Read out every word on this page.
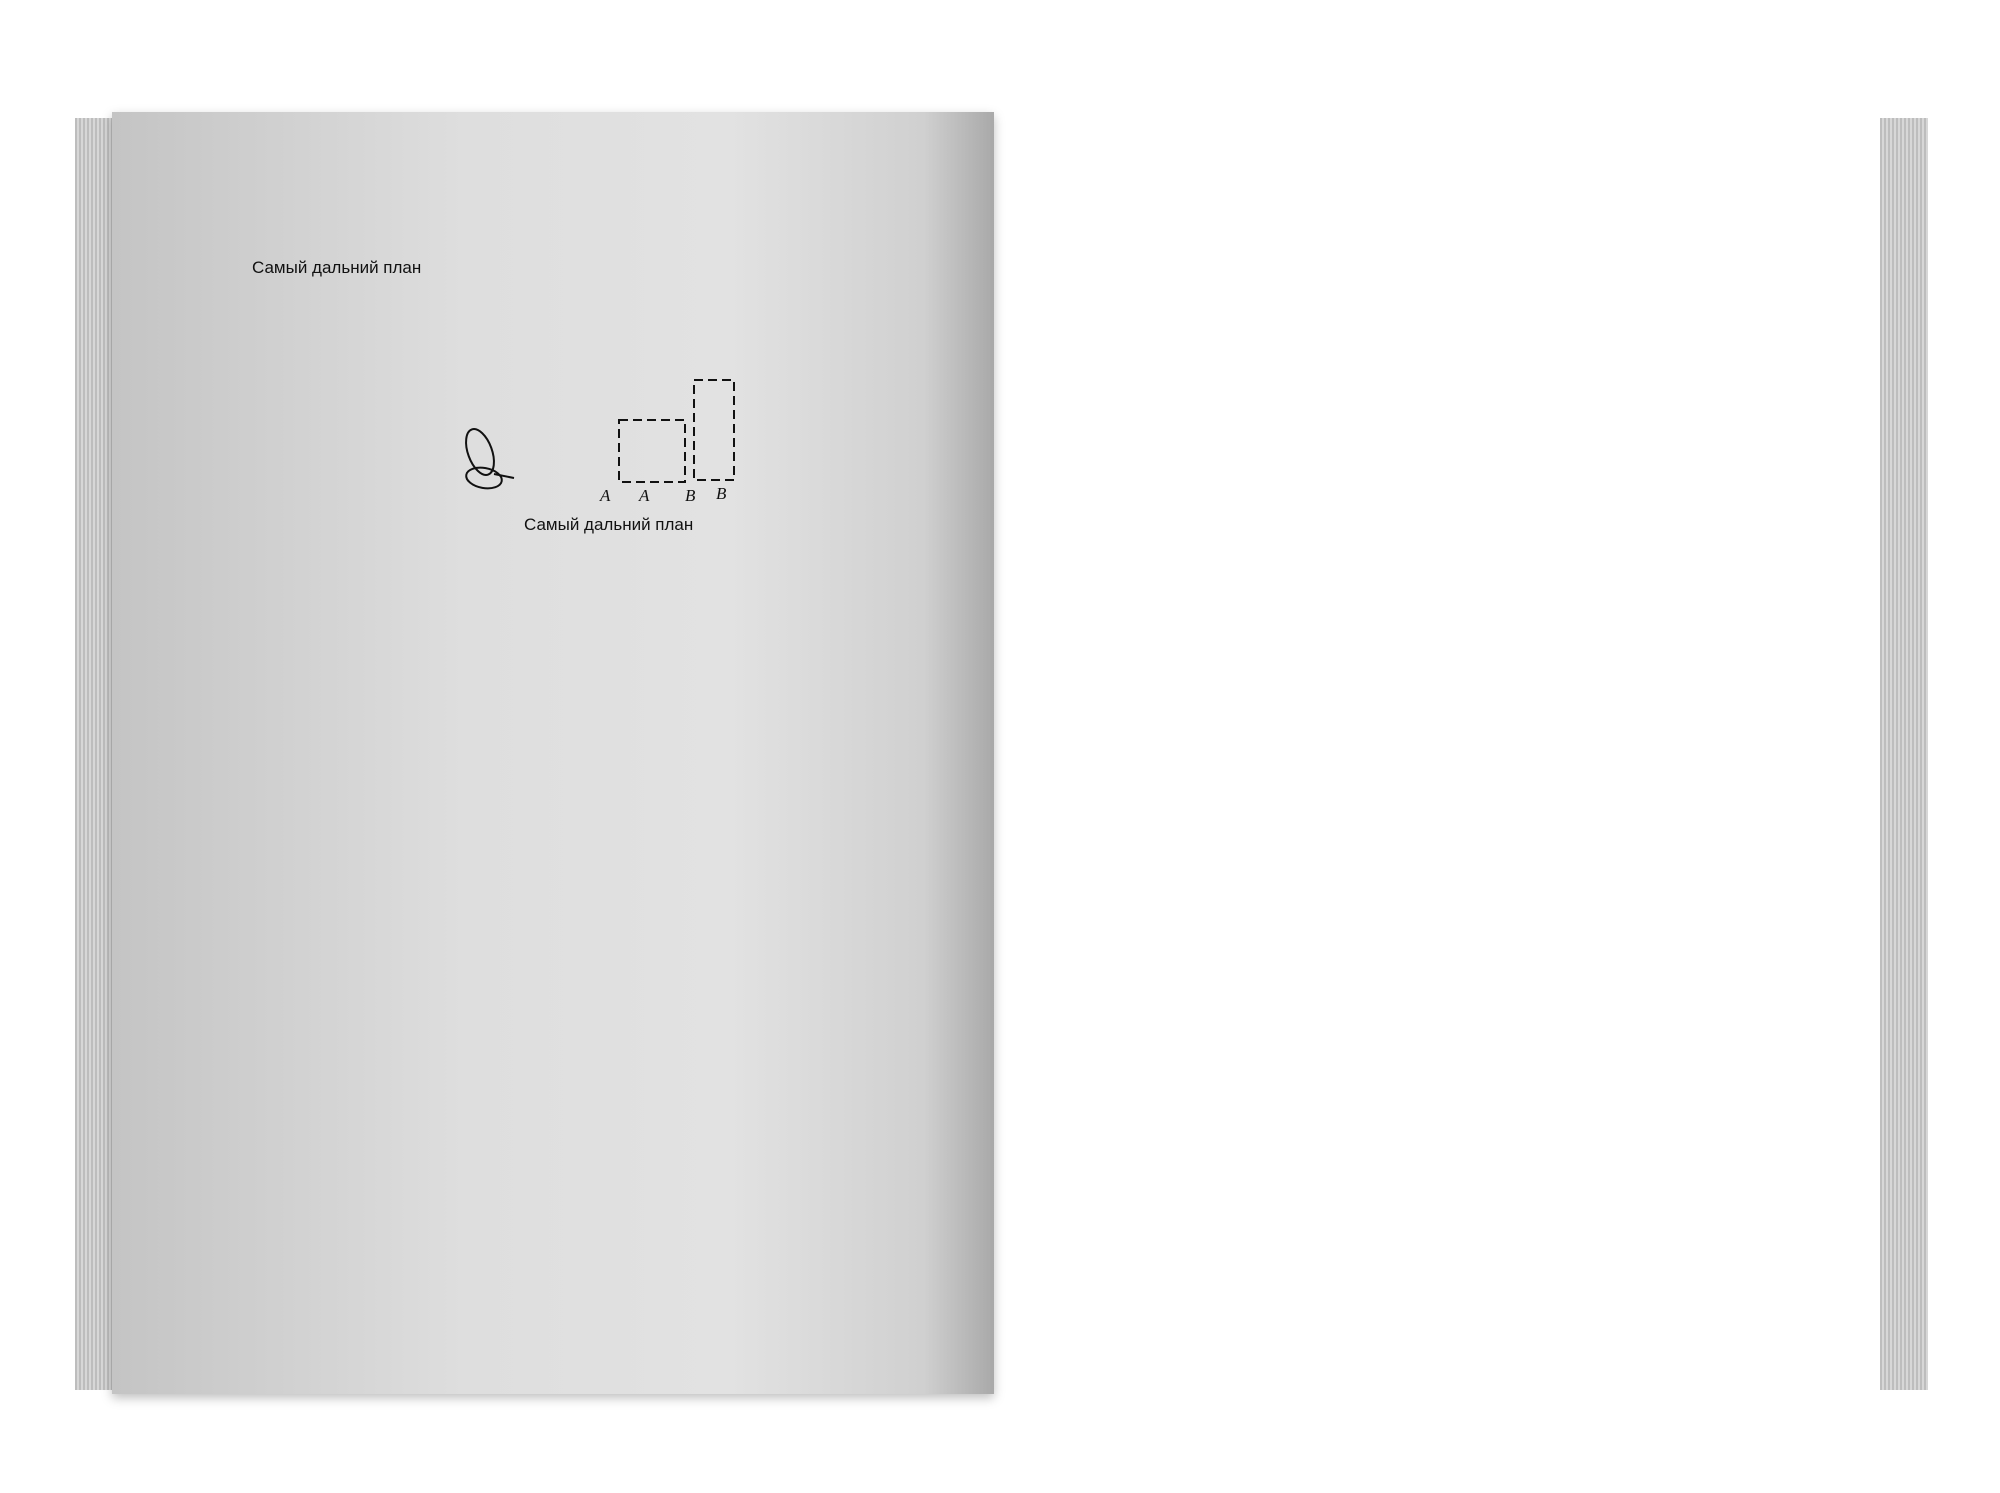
Самый дальний план
Самый дальний план
A A B B
